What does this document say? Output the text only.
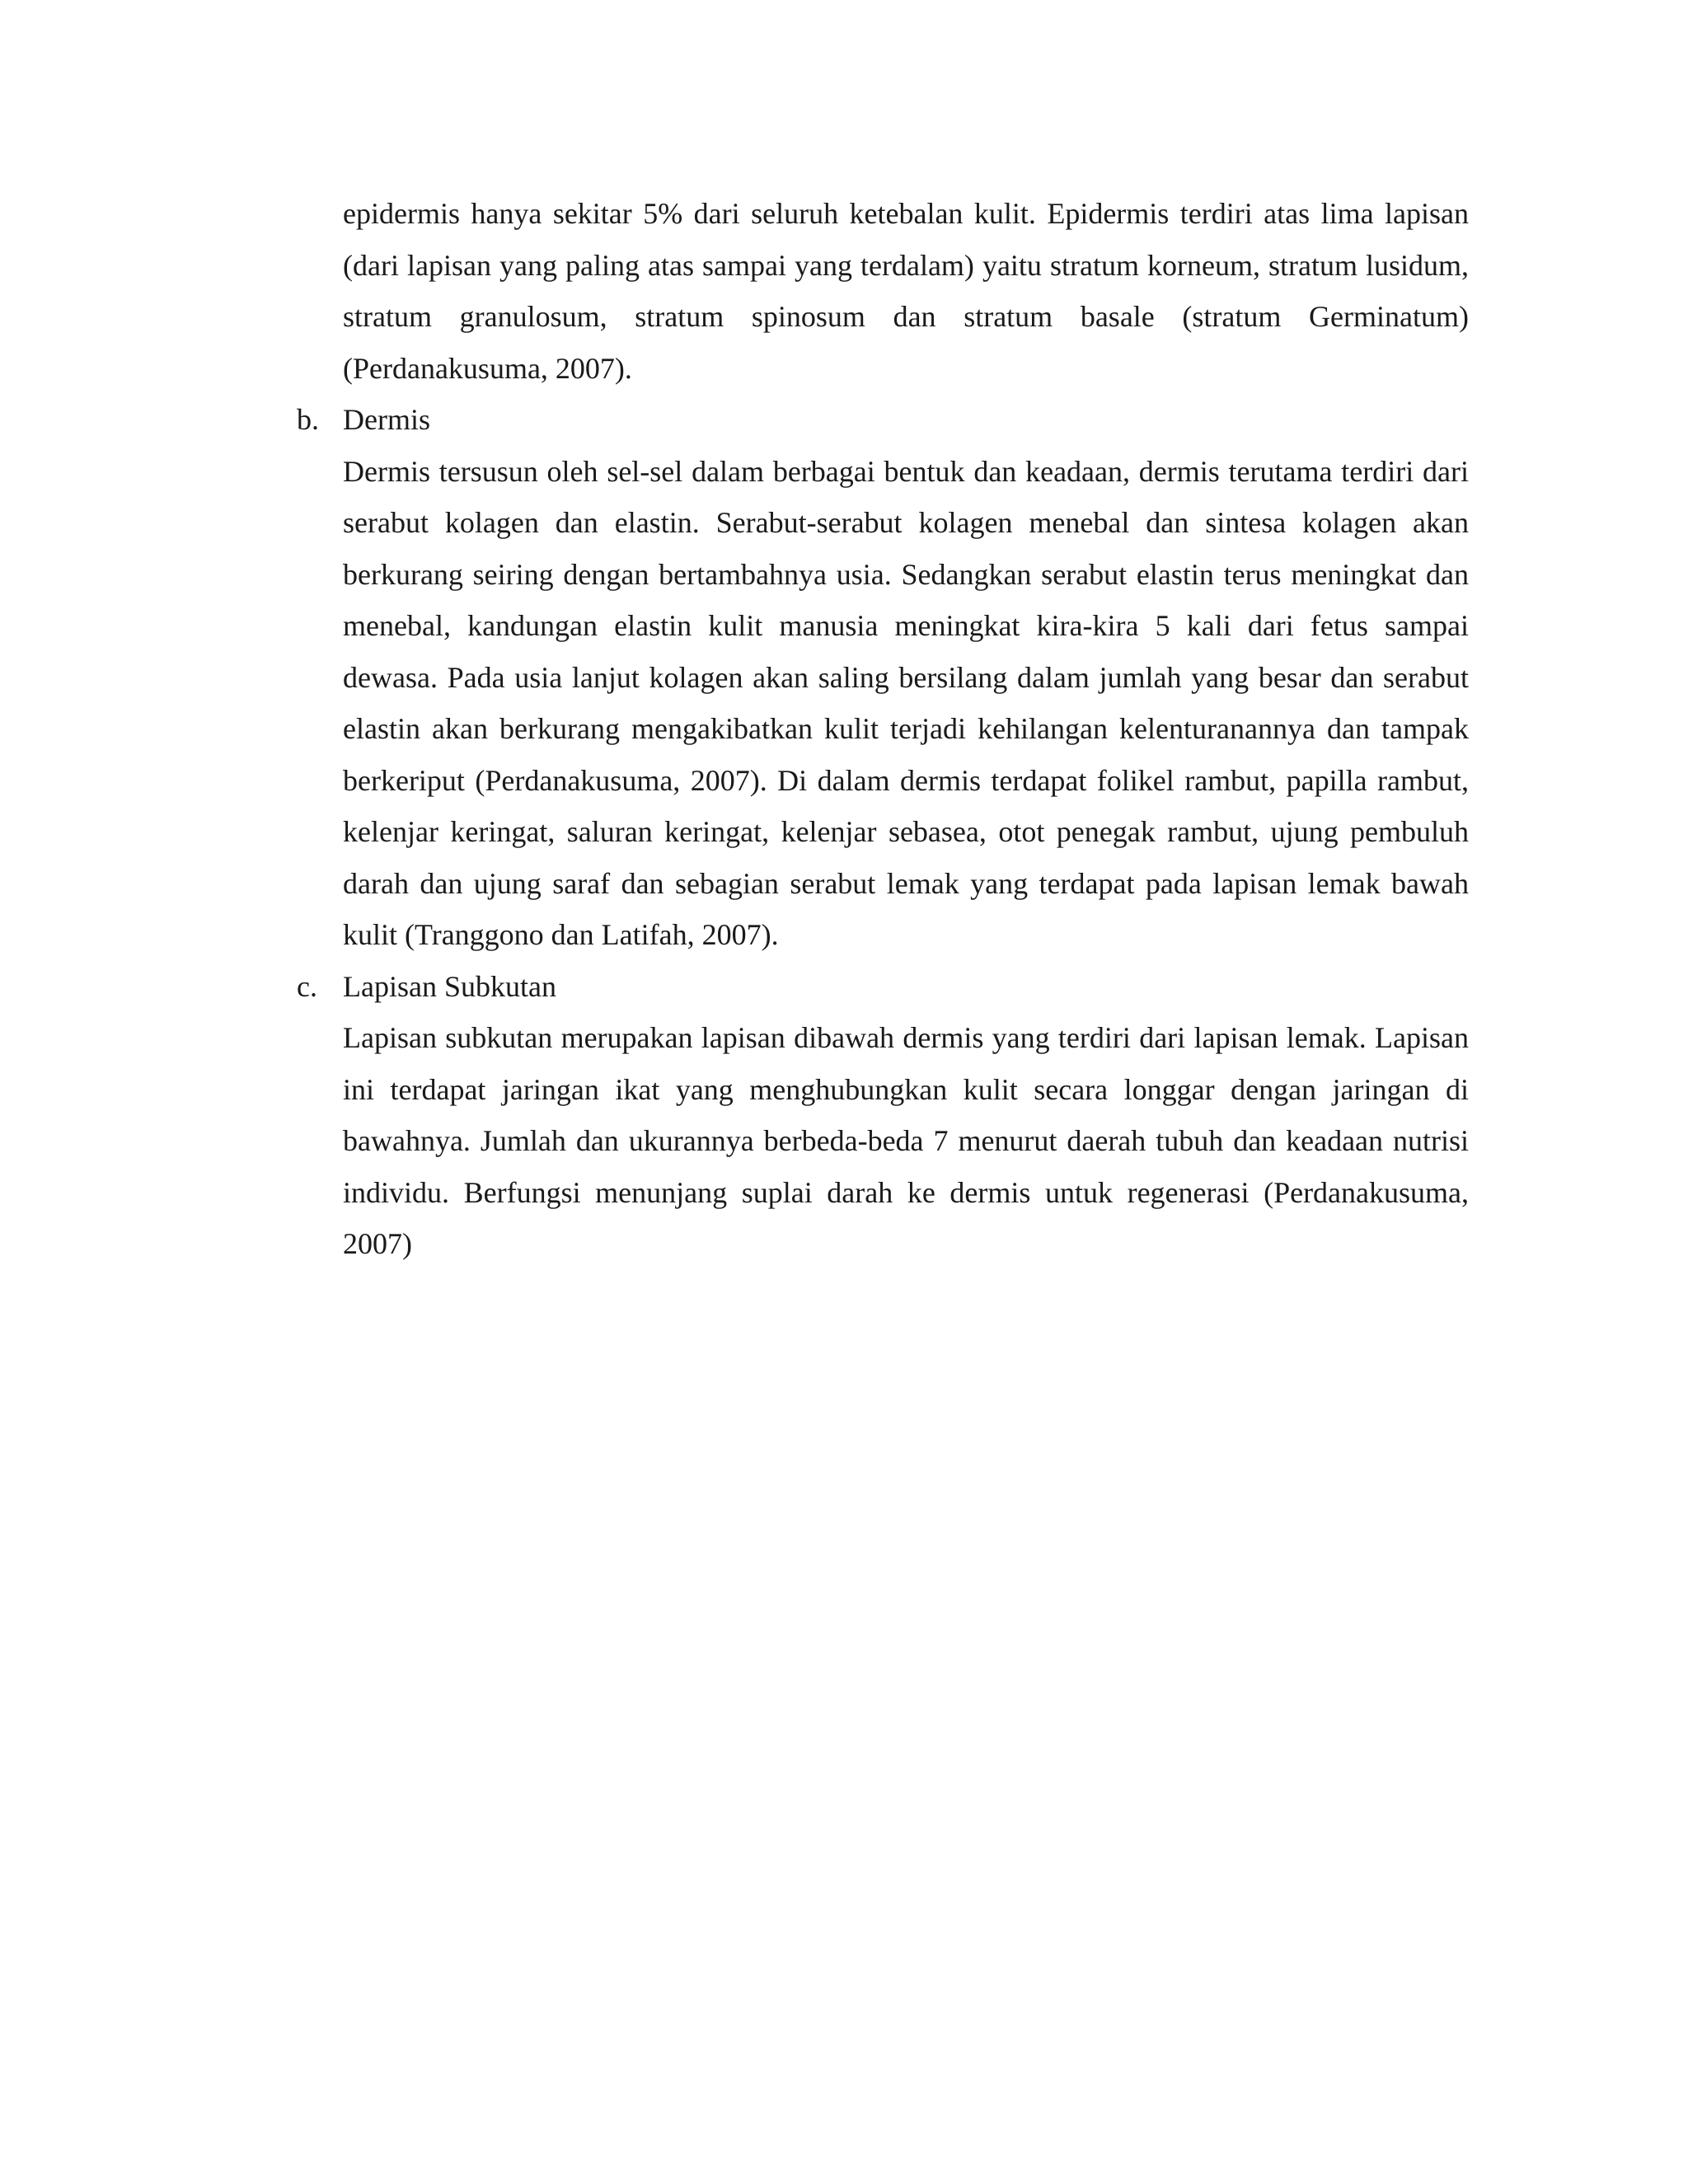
epidermis hanya sekitar 5% dari seluruh ketebalan kulit. Epidermis terdiri atas lima lapisan (dari lapisan yang paling atas sampai yang terdalam) yaitu stratum korneum, stratum lusidum, stratum granulosum, stratum spinosum dan stratum basale (stratum Germinatum) (Perdanakusuma, 2007).

b. Dermis

Dermis tersusun oleh sel-sel dalam berbagai bentuk dan keadaan, dermis terutama terdiri dari serabut kolagen dan elastin. Serabut-serabut kolagen menebal dan sintesa kolagen akan berkurang seiring dengan bertambahnya usia. Sedangkan serabut elastin terus meningkat dan menebal, kandungan elastin kulit manusia meningkat kira-kira 5 kali dari fetus sampai dewasa. Pada usia lanjut kolagen akan saling bersilang dalam jumlah yang besar dan serabut elastin akan berkurang mengakibatkan kulit terjadi kehilangan kelenturanannya dan tampak berkeriput (Perdanakusuma, 2007). Di dalam dermis terdapat folikel rambut, papilla rambut, kelenjar keringat, saluran keringat, kelenjar sebasea, otot penegak rambut, ujung pembuluh darah dan ujung saraf dan sebagian serabut lemak yang terdapat pada lapisan lemak bawah kulit (Tranggono dan Latifah, 2007).

c. Lapisan Subkutan

Lapisan subkutan merupakan lapisan dibawah dermis yang terdiri dari lapisan lemak. Lapisan ini terdapat jaringan ikat yang menghubungkan kulit secara longgar dengan jaringan di bawahnya. Jumlah dan ukurannya berbeda-beda 7 menurut daerah tubuh dan keadaan nutrisi individu. Berfungsi menunjang suplai darah ke dermis untuk regenerasi (Perdanakusuma, 2007)
